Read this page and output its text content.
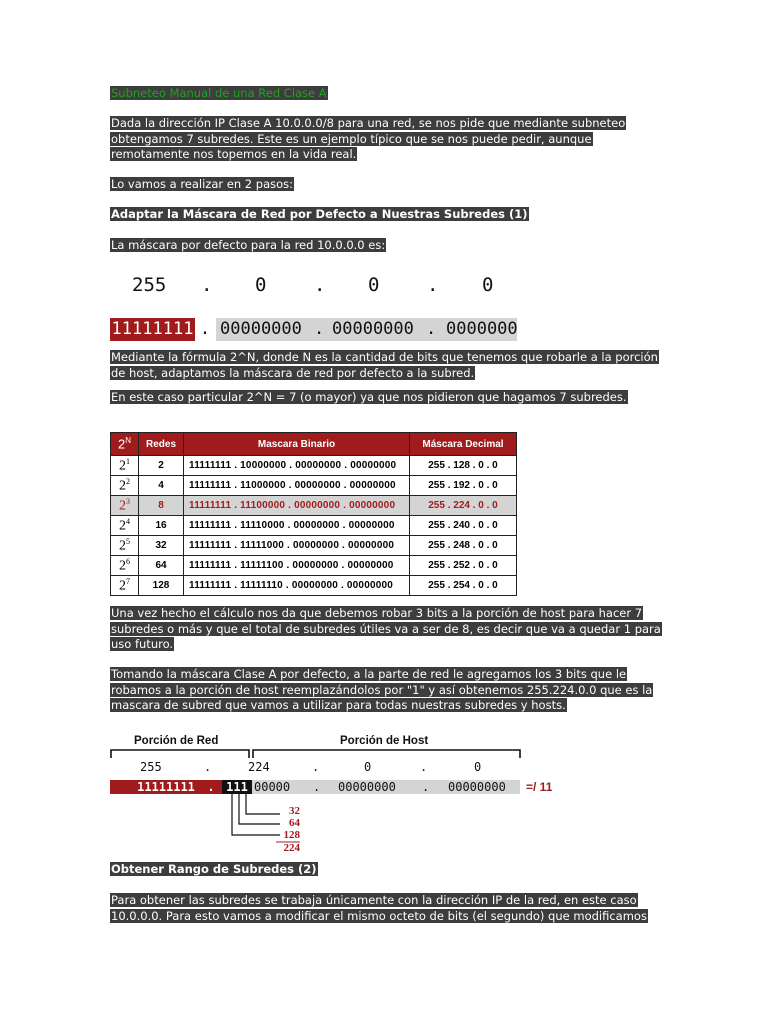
Subneteo Manual de una Red Clase A
Dada la dirección IP Clase A 10.0.0.0/8 para una red, se nos pide que mediante subneteo obtengamos 7 subredes. Este es un ejemplo típico que se nos puede pedir, aunque remotamente nos topemos en la vida real.
Lo vamos a realizar en 2 pasos:
Adaptar la Máscara de Red por Defecto a Nuestras Subredes (1)
La máscara por defecto para la red 10.0.0.0 es:
255 . 0	. 0	. 0
11111111 . 00000000 . 00000000 . 0000000
Mediante la fórmula 2^N, donde N es la cantidad de bits que tenemos que robarle a la porción de host, adaptamos la máscara de red por defecto a la subred.
En este caso particular 2^N = 7 (o mayor) ya que nos pidieron que hagamos 7 subredes.
$2^N$	Redes	Mascara Binario	Máscara Decimal
$2^1$	2	11111111 . 10000000 . 00000000 . 00000000	255 . 128 . 0 . 0
$2^2$	4	11111111 . 11000000 . 00000000 . 00000000	255 . 192 . 0 . 0
$2^3$	8	11111111 . 11100000 . 00000000 . 00000000	255 . 224 . 0 . 0
$2^4$	16	11111111 . 11110000 . 00000000 . 00000000	255 . 240 . 0 . 0
$2^5$	32	11111111 . 11111000 . 00000000 . 00000000	255 . 248 . 0 . 0
$2^6$	64	11111111 . 11111100 . 00000000 . 00000000	255 . 252 . 0 . 0
$2^7$	128	11111111 . 11111110 . 00000000 . 00000000	255 . 254 . 0 . 0
Una vez hecho el cálculo nos da que debemos robar 3 bits a la porción de host para hacer 7 subredes o más y que el total de subredes útiles va a ser de 8, es decir que va a quedar 1 para uso futuro.
Tomando la máscara Clase A por defecto, a la parte de red le agregamos los 3 bits que le robamos a la porción de host reemplazándolos por "1" y así obtenemos 255.224.0.0 que es la mascara de subred que vamos a utilizar para todas nuestras subredes y hosts.
Porción de Red	Porción de Host
255	.	224	.	0	.	0
11111111	. 111 00000 . 00000000 . 00000000 =/ 11
32
64
128
224
Obtener Rango de Subredes (2)
Para obtener las subredes se trabaja únicamente con la dirección IP de la red, en este caso 10.0.0.0. Para esto vamos a modificar el mismo octeto de bits (el segundo) que modificamos
